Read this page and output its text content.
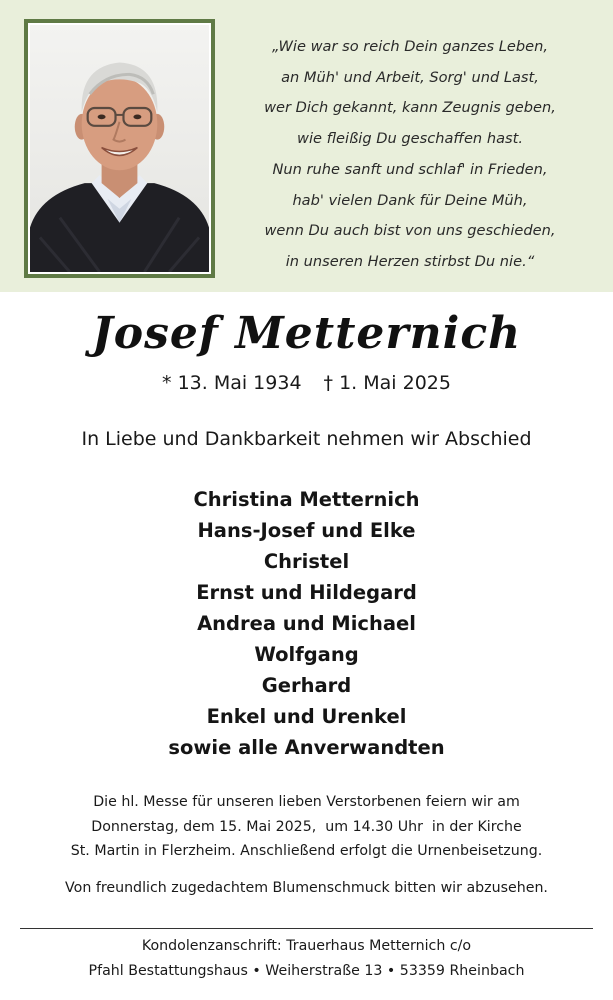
„Wie war so reich Dein ganzes Leben,
an Müh' und Arbeit, Sorg' und Last,
wer Dich gekannt, kann Zeugnis geben,
wie fleißig Du geschaffen hast.
Nun ruhe sanft und schlaf' in Frieden,
hab' vielen Dank für Deine Müh,
wenn Du auch bist von uns geschieden,
in unseren Herzen stirbst Du nie.“
Josef Metternich
* 13. Mai 1934 † 1. Mai 2025
In Liebe und Dankbarkeit nehmen wir Abschied
Christina Metternich
Hans-Josef und Elke
Christel
Ernst und Hildegard
Andrea und Michael
Wolfgang
Gerhard
Enkel und Urenkel
sowie alle Anverwandten
Die hl. Messe für unseren lieben Verstorbenen feiern wir am
Donnerstag, dem 15. Mai 2025,  um 14.30 Uhr  in der Kirche
St. Martin in Flerzheim. Anschließend erfolgt die Urnenbeisetzung.
Von freundlich zugedachtem Blumenschmuck bitten wir abzusehen.
Kondolenzanschrift: Trauerhaus Metternich c/o
Pfahl Bestattungshaus • Weiherstraße 13 • 53359 Rheinbach
